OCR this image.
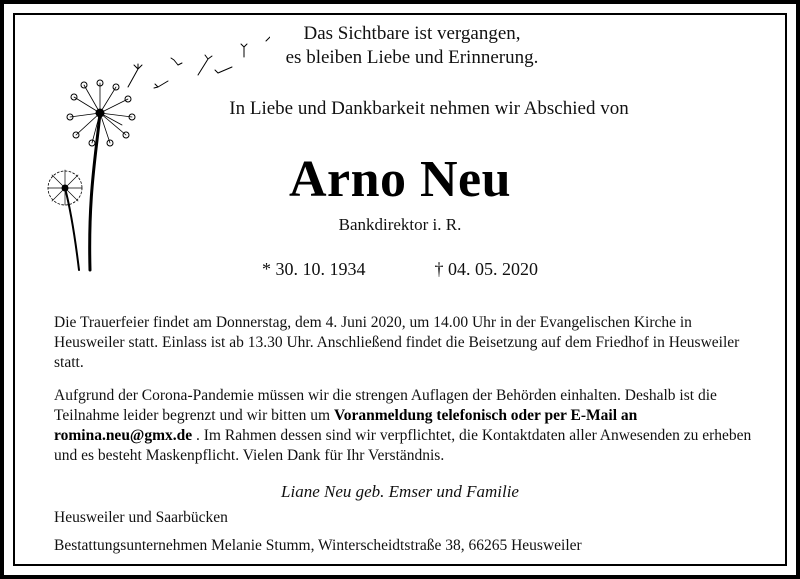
Das Sichtbare ist vergangen,
es bleiben Liebe und Erinnerung.
In Liebe und Dankbarkeit nehmen wir Abschied von
Arno Neu
Bankdirektor i. R.
* 30. 10. 1934	† 04. 05. 2020
Die Trauerfeier findet am Donnerstag, dem 4. Juni 2020, um 14.00 Uhr in der Evangelischen Kirche in Heusweiler statt. Einlass ist ab 13.30 Uhr. Anschließend findet die Beisetzung auf dem Friedhof in Heusweiler statt.
Aufgrund der Corona-Pandemie müssen wir die strengen Auflagen der Behörden einhalten. Deshalb ist die Teilnahme leider begrenzt und wir bitten um Voranmeldung telefonisch oder per E-Mail an romina.neu@gmx.de . Im Rahmen dessen sind wir verpflichtet, die Kontaktdaten aller Anwesenden zu erheben und es besteht Maskenpflicht. Vielen Dank für Ihr Verständnis.
Liane Neu geb. Emser und Familie
Heusweiler und Saarbücken
Bestattungsunternehmen Melanie Stumm, Winterscheidtstraße 38, 66265 Heusweiler
